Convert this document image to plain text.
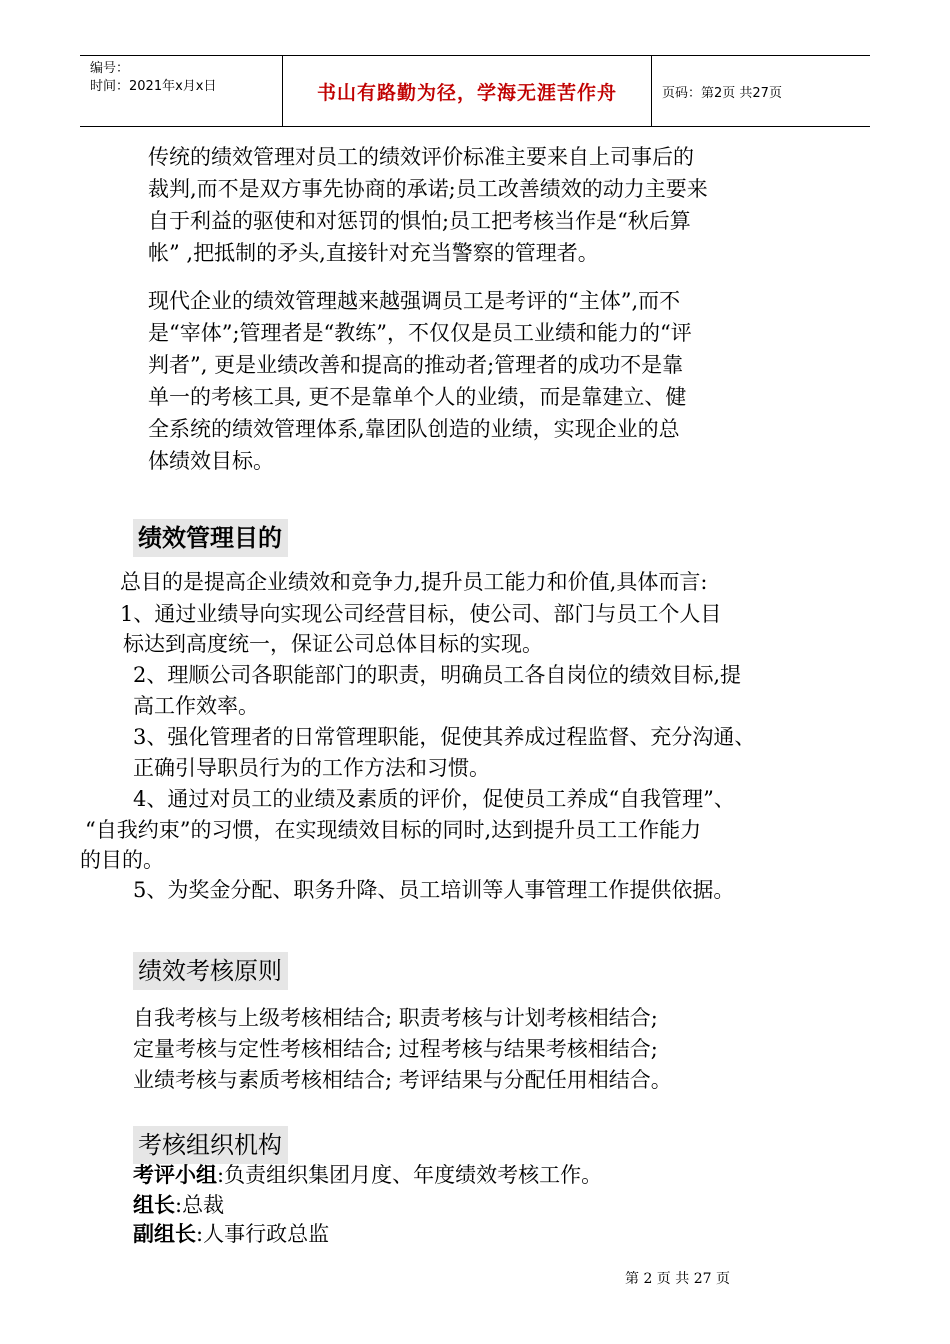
编号：
时间：2021年x月x日	书山有路勤为径，学海无涯苦作舟	页码：第2页 共27页
传统的绩效管理对员工的绩效评价标准主要来自上司事后的
裁判,而不是双方事先协商的承诺;员工改善绩效的动力主要来
自于利益的驱使和对惩罚的惧怕;员工把考核当作是“秋后算
帐” ,把抵制的矛头,直接针对充当警察的管理者。
现代企业的绩效管理越来越强调员工是考评的“主体”,而不
是“宰体”;管理者是“教练”，不仅仅是员工业绩和能力的“评
判者”, 更是业绩改善和提高的推动者;管理者的成功不是靠
单一的考核工具, 更不是靠单个人的业绩，而是靠建立、健
全系统的绩效管理体系,靠团队创造的业绩，实现企业的总
体绩效目标。
绩效管理目的
总目的是提高企业绩效和竞争力,提升员工能力和价值,具体而言:
1、通过业绩导向实现公司经营目标，使公司、部门与员工个人目
标达到高度统一，保证公司总体目标的实现。
2、理顺公司各职能部门的职责，明确员工各自岗位的绩效目标,提
高工作效率。
3、强化管理者的日常管理职能，促使其养成过程监督、充分沟通、
正确引导职员行为的工作方法和习惯。
4、通过对员工的业绩及素质的评价，促使员工养成“自我管理”、
“自我约束”的习惯，在实现绩效目标的同时,达到提升员工工作能力
的目的。
5、为奖金分配、职务升降、员工培训等人事管理工作提供依据。
绩效考核原则
自我考核与上级考核相结合; 职责考核与计划考核相结合;
定量考核与定性考核相结合; 过程考核与结果考核相结合;
业绩考核与素质考核相结合; 考评结果与分配任用相结合。
考核组织机构
考评小组:负责组织集团月度、年度绩效考核工作。
组长:总裁
副组长:人事行政总监
第 2 页 共 27 页
